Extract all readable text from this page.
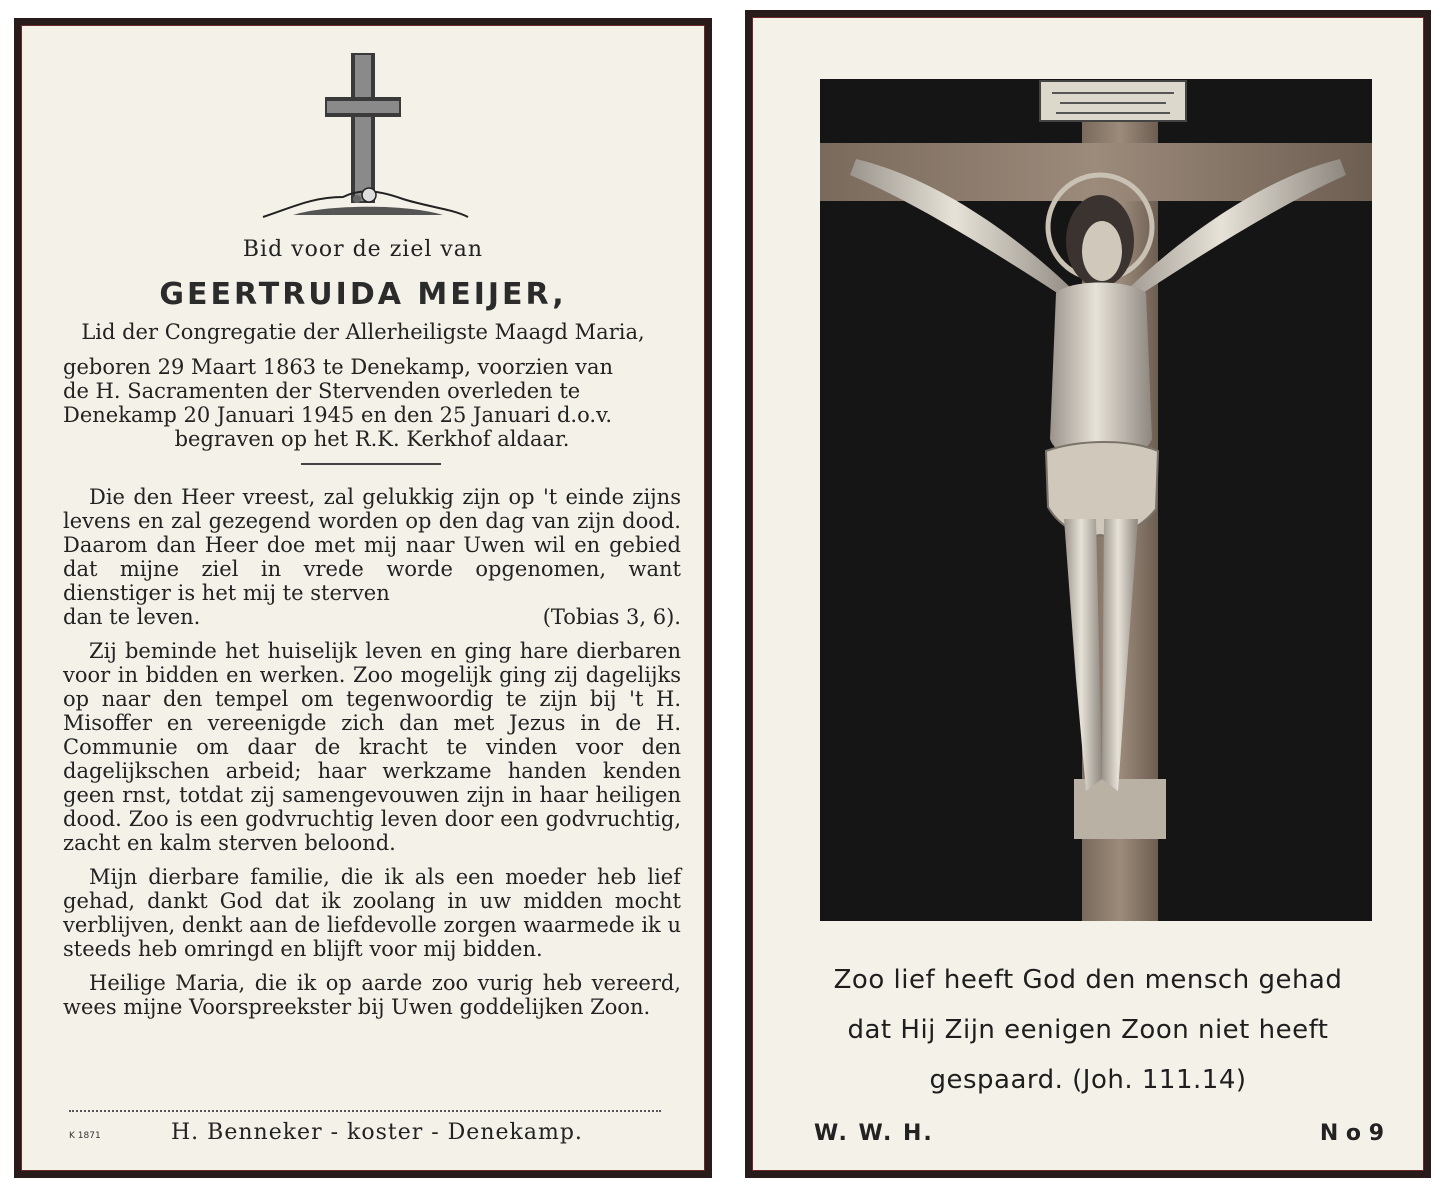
Bid voor de ziel van
GEERTRUIDA MEIJER,
Lid der Congregatie der Allerheiligste Maagd Maria,

geboren 29 Maart 1863 te Denekamp, voorzien van

de H. Sacramenten der Stervenden overleden te

Denekamp 20 Januari 1945 en den 25 Januari d.o.v.

begraven op het R.K. Kerkhof aldaar.

Die den Heer vreest, zal gelukkig zijn op 't einde zijns levens en zal gezegend worden op den dag van zijn dood. Daarom dan Heer doe met mij naar Uwen wil en gebied dat mijne ziel in vrede worde opgenomen, want dienstiger is het mij te sterven
dan te leven.	(Tobias 3, 6).

Zij beminde het huiselijk leven en ging hare dierbaren voor in bidden en werken. Zoo mogelijk ging zij dagelijks op naar den tempel om tegenwoordig te zijn bij 't H. Misoffer en vereenigde zich dan met Jezus in de H. Communie om daar de kracht te vinden voor den dagelijkschen arbeid; haar werkzame handen kenden geen rnst, totdat zij samengevouwen zijn in haar heiligen dood. Zoo is een godvruchtig leven door een godvruchtig, zacht en kalm sterven beloond.

Mijn dierbare familie, die ik als een moeder heb lief gehad, dankt God dat ik zoolang in uw midden mocht verblijven, denkt aan de liefdevolle zorgen waarmede ik u steeds heb omringd en blijft voor mij bidden.

Heilige Maria, die ik op aarde zoo vurig heb vereerd, wees mijne Voorspreekster bij Uwen goddelijken Zoon.

K 1871	H. Benneker - koster - Denekamp.
Zoo lief heeft God den mensch gehad
dat Hij Zijn eenigen Zoon niet heeft
gespaard. (Joh. 111.14)
W. W. H.	N o 9
